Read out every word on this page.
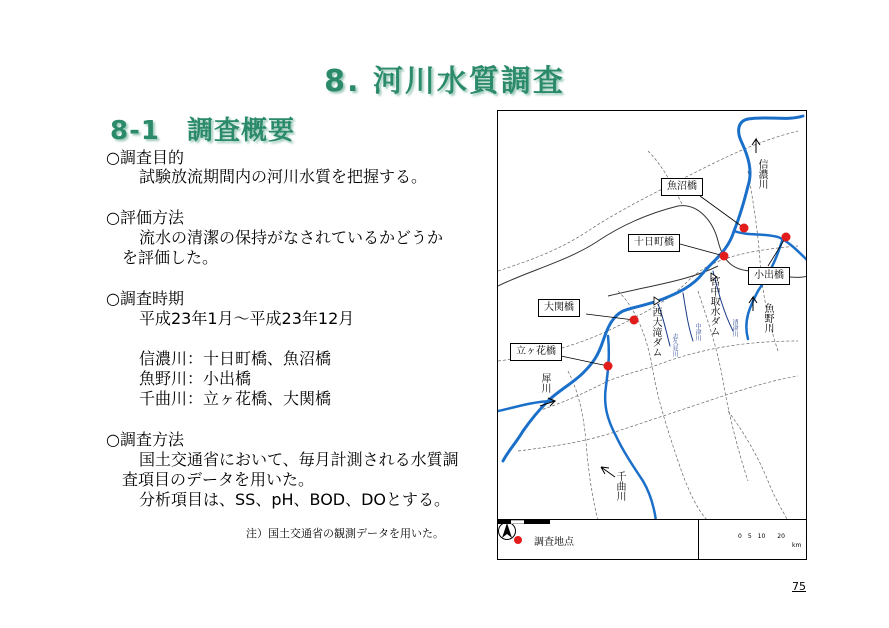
8. 河川水質調査
8-1　調査概要
○調査目的
試験放流期間内の河川水質を把握する。
○評価方法
流水の清潔の保持がなされているかどうか
を評価した。
○調査時期
平成23年1月～平成23年12月
信濃川：十日町橋、魚沼橋
魚野川：小出橋
千曲川：立ヶ花橋、大関橋
○調査方法
国土交通省において、毎月計測される水質調
査項目のデータを用いた。
分析項目は、SS、pH、BOD、DOとする。
注）国土交通省の観測データを用いた。
75
魚沼橋
十日町橋
小出橋
大関橋
立ヶ花橋
信濃川
魚野川
犀川
千曲川
宮中取水ダム
西大滝ダム	中津川	清津川
志久見川
調査地点
0　5　10　　20
km
